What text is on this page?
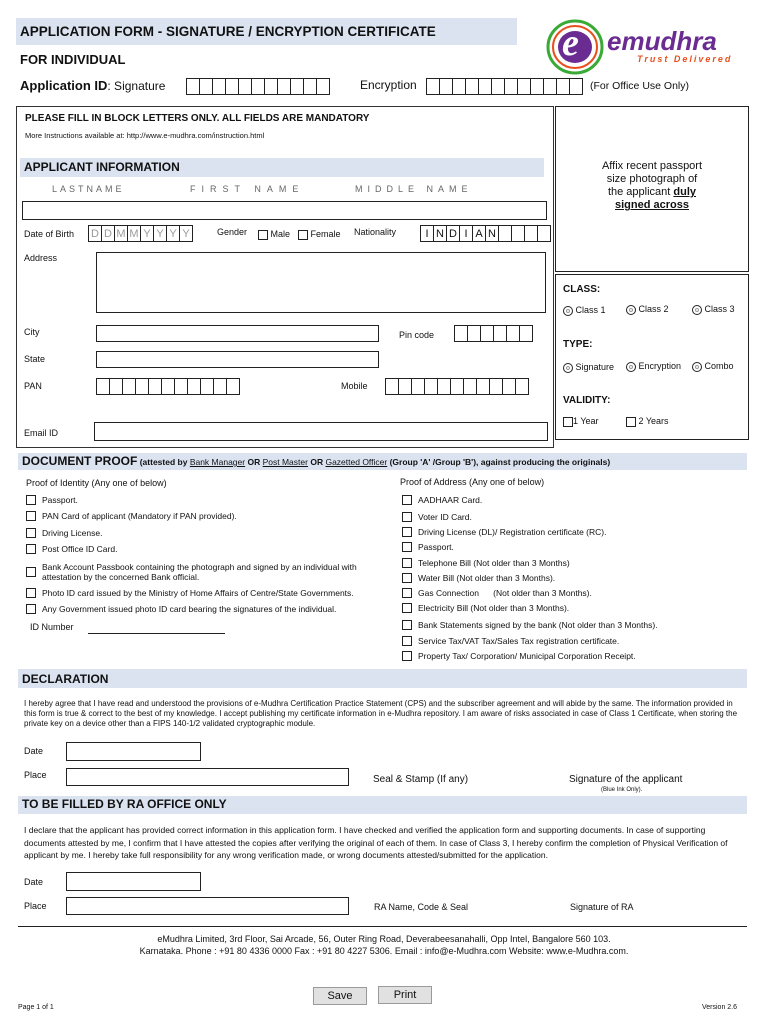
APPLICATION FORM - SIGNATURE / ENCRYPTION CERTIFICATE
FOR INDIVIDUAL
Application ID: Signature	Encryption	(For Office Use Only)
e emudhra
Trust Delivered
PLEASE FILL IN BLOCK LETTERS ONLY. ALL FIELDS ARE MANDATORY
More Instructions available at: http://www.e-mudhra.com/instruction.html
Affix recent passport
size photograph of
the applicant duly
signed across
APPLICANT INFORMATION
LASTNAME	FIRST NAME	MIDDLE NAME
Date of Birth D D M M Y Y Y Y	Gender	Male	Female Nationality	I N D I A N
Address
City	Pin code
State
PAN	Mobile
Email ID
CLASS:
Class 1	Class 2	Class 3
TYPE:
Signature	Encryption	Combo
VALIDITY:
1 Year	2 Years
DOCUMENT PROOF (attested by Bank Manager OR Post Master OR Gazetted Officer (Group 'A' /Group 'B'), against producing the originals)
Proof of Identity (Any one of below)
Passport.
PAN Card of applicant (Mandatory if PAN provided).
Driving License.
Post Office ID Card.
Bank Account Passbook containing the photograph and signed by an individual with attestation by the concerned Bank official.
Photo ID card issued by the Ministry of Home Affairs of Centre/State Governments.
Any Government issued photo ID card bearing the signatures of the individual.
ID Number
Proof of Address (Any one of below)
AADHAAR Card.
Voter ID Card.
Driving License (DL)/ Registration certificate (RC).
Passport.
Telephone Bill (Not older than 3 Months)
Water Bill (Not older than 3 Months).
Gas Connection      (Not older than 3 Months).
Electricity Bill (Not older than 3 Months).
Bank Statements signed by the bank (Not older than 3 Months).
Service Tax/VAT Tax/Sales Tax registration certificate.
Property Tax/ Corporation/ Municipal Corporation Receipt.
DECLARATION
I hereby agree that I have read and understood the provisions of e-Mudhra Certification Practice Statement (CPS) and the subscriber agreement and will abide by the same. The information provided in this form is true & correct to the best of my knowledge. I accept publishing my certificate information in e-Mudhra repository. I am aware of risks associated in case of Class 1 Certificate, when storing the private key on a device other than a FIPS 140-1/2 validated cryptographic module.
Date
Place	Seal & Stamp (If any)	Signature of the applicant
(Blue Ink Only).
TO BE FILLED BY RA OFFICE ONLY
I declare that the applicant has provided correct information in this application form. I have checked and verified the application form and supporting documents. In case of supporting documents attested by me, I confirm that I have attested the copies after verifying the original of each of them. In case of Class 3, I hereby confirm the completion of Physical Verification of applicant by me. I hereby take full responsibility for any wrong verification made, or wrong documents attested/submitted for the application.
Date
Place	RA Name, Code & Seal	Signature of RA
eMudhra Limited, 3rd Floor, Sai Arcade, 56, Outer Ring Road, Deverabeesanahalli, Opp Intel, Bangalore 560 103.
Karnataka. Phone : +91 80 4336 0000 Fax : +91 80 4227 5306. Email : info@e-Mudhra.com Website: www.e-Mudhra.com.
Save	Print
Page 1 of 1	Version 2.6
